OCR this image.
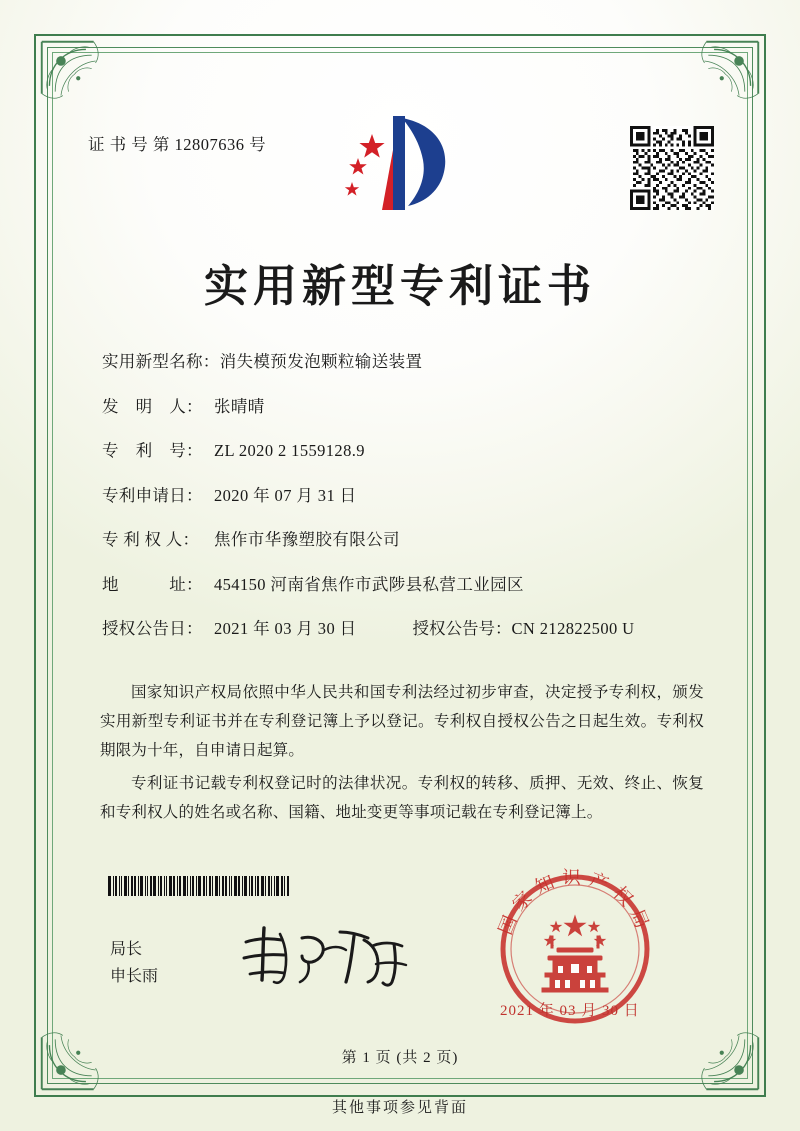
证 书 号 第 12807636 号
实用新型专利证书
实用新型名称： 消失模预发泡颗粒输送装置
发　明　人： 张晴晴
专　利　号： ZL 2020 2 1559128.9
专利申请日： 2020 年 07 月 31 日
专 利 权 人： 焦作市华豫塑胶有限公司
地　　　址： 454150 河南省焦作市武陟县私营工业园区
授权公告日： 2021 年 03 月 30 日	授权公告号： CN 212822500 U

国家知识产权局依照中华人民共和国专利法经过初步审查，决定授予专利权，颁发实用新型专利证书并在专利登记簿上予以登记。专利权自授权公告之日起生效。专利权期限为十年，自申请日起算。

专利证书记载专利权登记时的法律状况。专利权的转移、质押、无效、终止、恢复和专利权人的姓名或名称、国籍、地址变更等事项记载在专利登记簿上。

局长
申长雨
国家知识产权局
2021 年 03 月 30 日
第 1 页 (共 2 页)
其他事项参见背面
